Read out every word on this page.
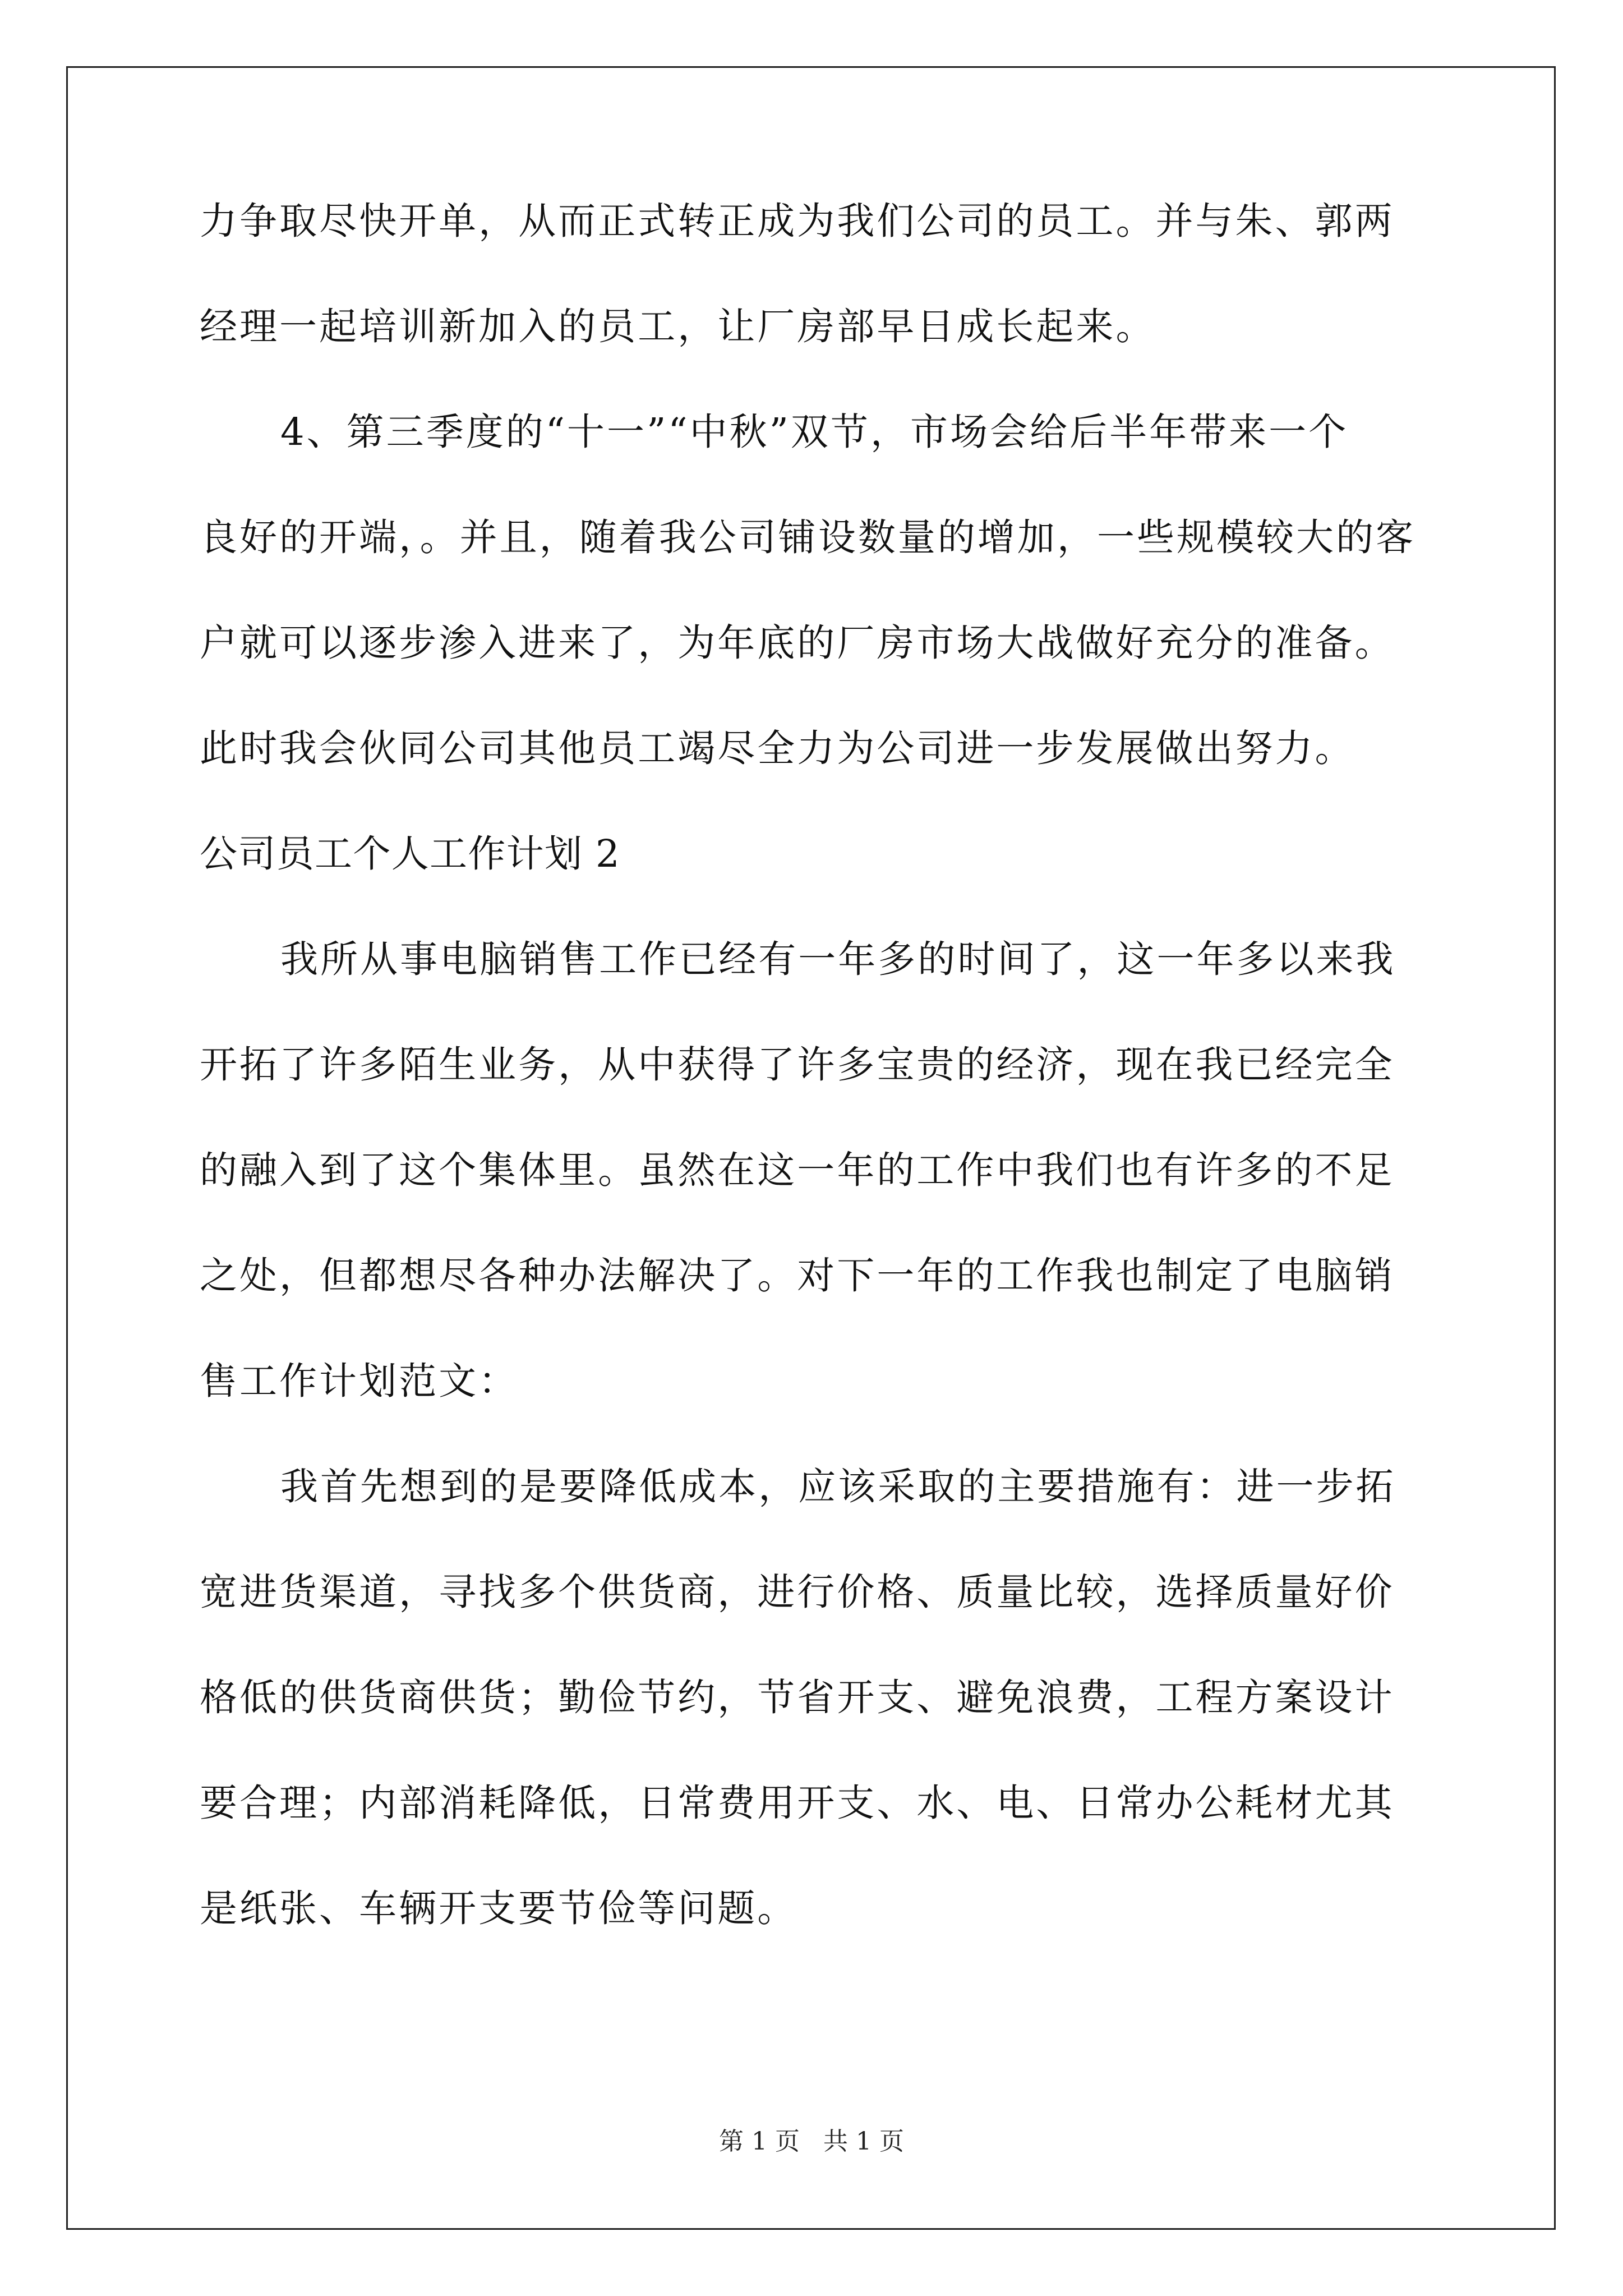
力争取尽快开单，从而正式转正成为我们公司的员工。并与朱、郭两
经理一起培训新加入的员工，让厂房部早日成长起来。
4、第三季度的“十一”“中秋”双节，市场会给后半年带来一个
良好的开端，。并且，随着我公司铺设数量的增加，一些规模较大的客
户就可以逐步渗入进来了，为年底的厂房市场大战做好充分的准备。
此时我会伙同公司其他员工竭尽全力为公司进一步发展做出努力。
公司员工个人工作计划 2
我所从事电脑销售工作已经有一年多的时间了，这一年多以来我
开拓了许多陌生业务，从中获得了许多宝贵的经济，现在我已经完全
的融入到了这个集体里。虽然在这一年的工作中我们也有许多的不足
之处，但都想尽各种办法解决了。对下一年的工作我也制定了电脑销
售工作计划范文：
我首先想到的是要降低成本，应该采取的主要措施有：进一步拓
宽进货渠道，寻找多个供货商，进行价格、质量比较，选择质量好价
格低的供货商供货；勤俭节约，节省开支、避免浪费，工程方案设计
要合理；内部消耗降低，日常费用开支、水、电、日常办公耗材尤其
是纸张、车辆开支要节俭等问题。
第 1 页 共 1 页
